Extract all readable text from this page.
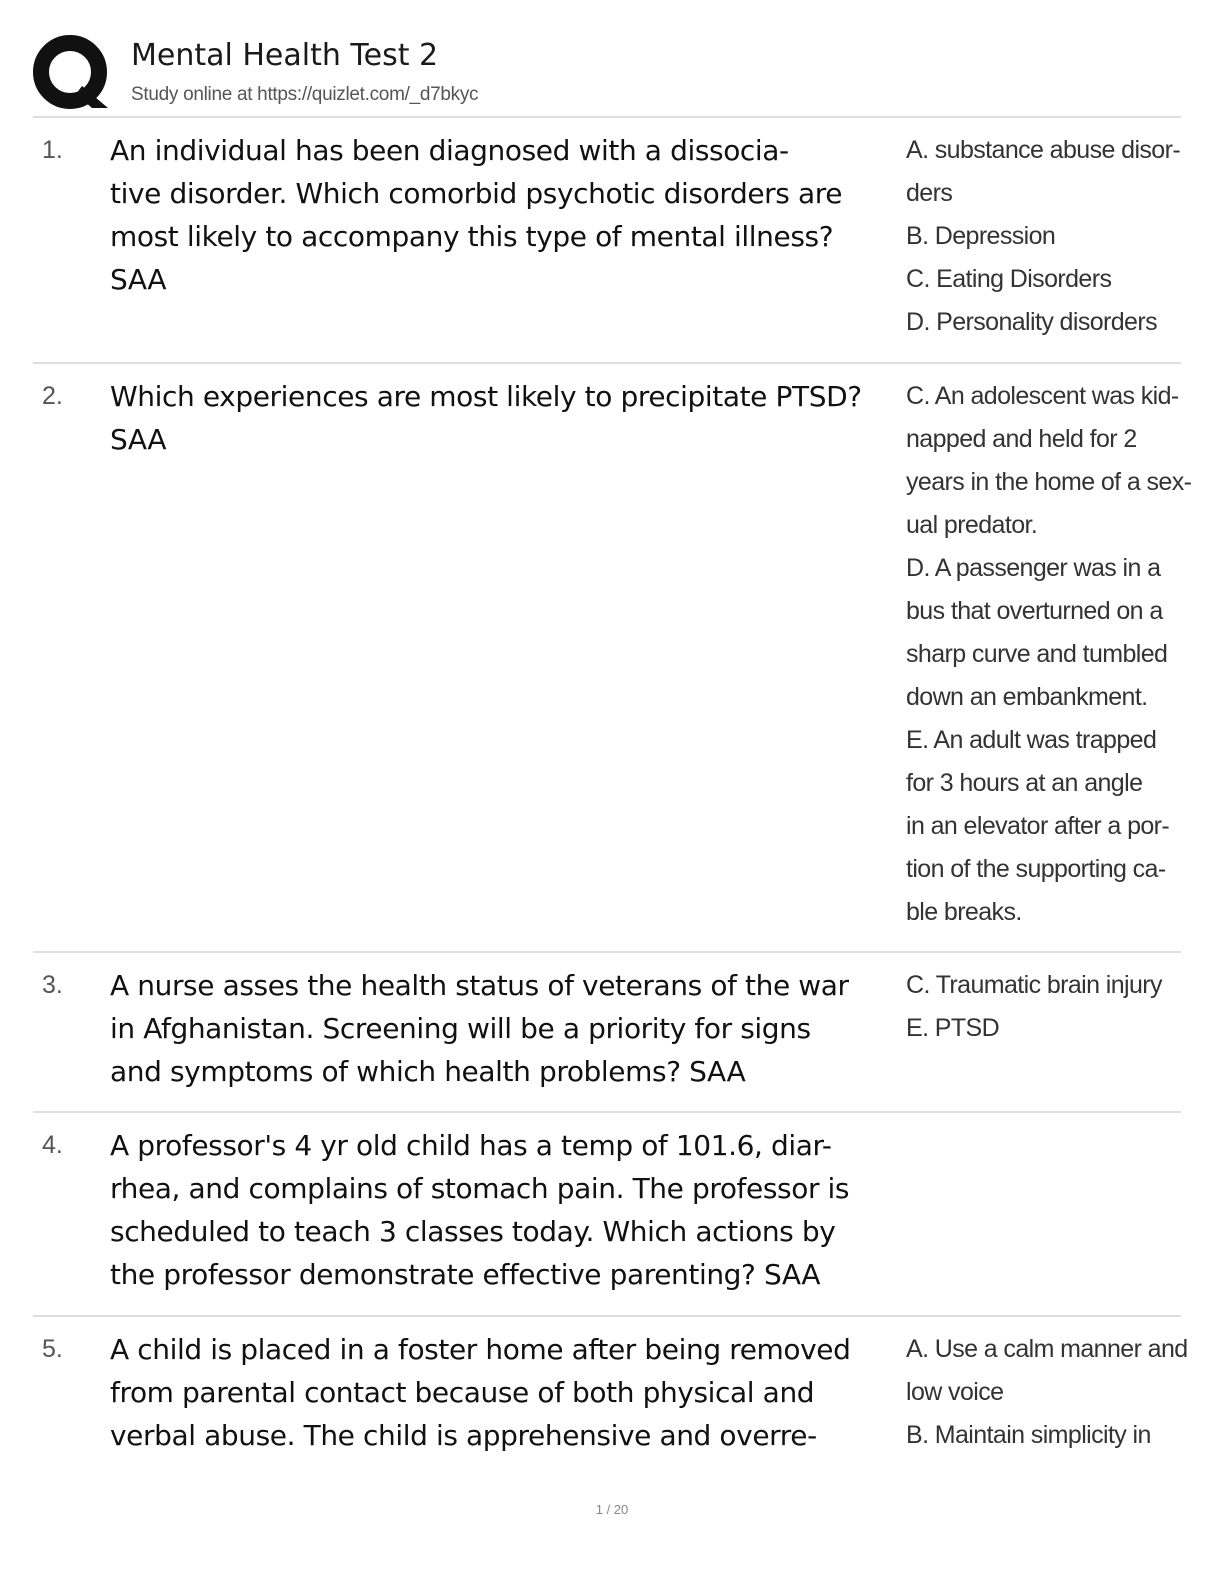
Mental Health Test 2
Study online at https://quizlet.com/_d7bkyc
1. An individual has been diagnosed with a dissocia-
tive disorder. Which comorbid psychotic disorders are
most likely to accompany this type of mental illness?
SAA
A. substance abuse disor-
ders
B. Depression
C. Eating Disorders
D. Personality disorders
2. Which experiences are most likely to precipitate PTSD?
SAA
C. An adolescent was kid-
napped and held for 2
years in the home of a sex-
ual predator.
D. A passenger was in a
bus that overturned on a
sharp curve and tumbled
down an embankment.
E. An adult was trapped
for 3 hours at an angle
in an elevator after a por-
tion of the supporting ca-
ble breaks.
3. A nurse asses the health status of veterans of the war
in Afghanistan. Screening will be a priority for signs
and symptoms of which health problems? SAA
C. Traumatic brain injury
E. PTSD
4. A professor's 4 yr old child has a temp of 101.6, diar-
rhea, and complains of stomach pain. The professor is
scheduled to teach 3 classes today. Which actions by
the professor demonstrate effective parenting? SAA
5. A child is placed in a foster home after being removed
from parental contact because of both physical and
verbal abuse. The child is apprehensive and overre-
A. Use a calm manner and
low voice
B. Maintain simplicity in
1 / 20
